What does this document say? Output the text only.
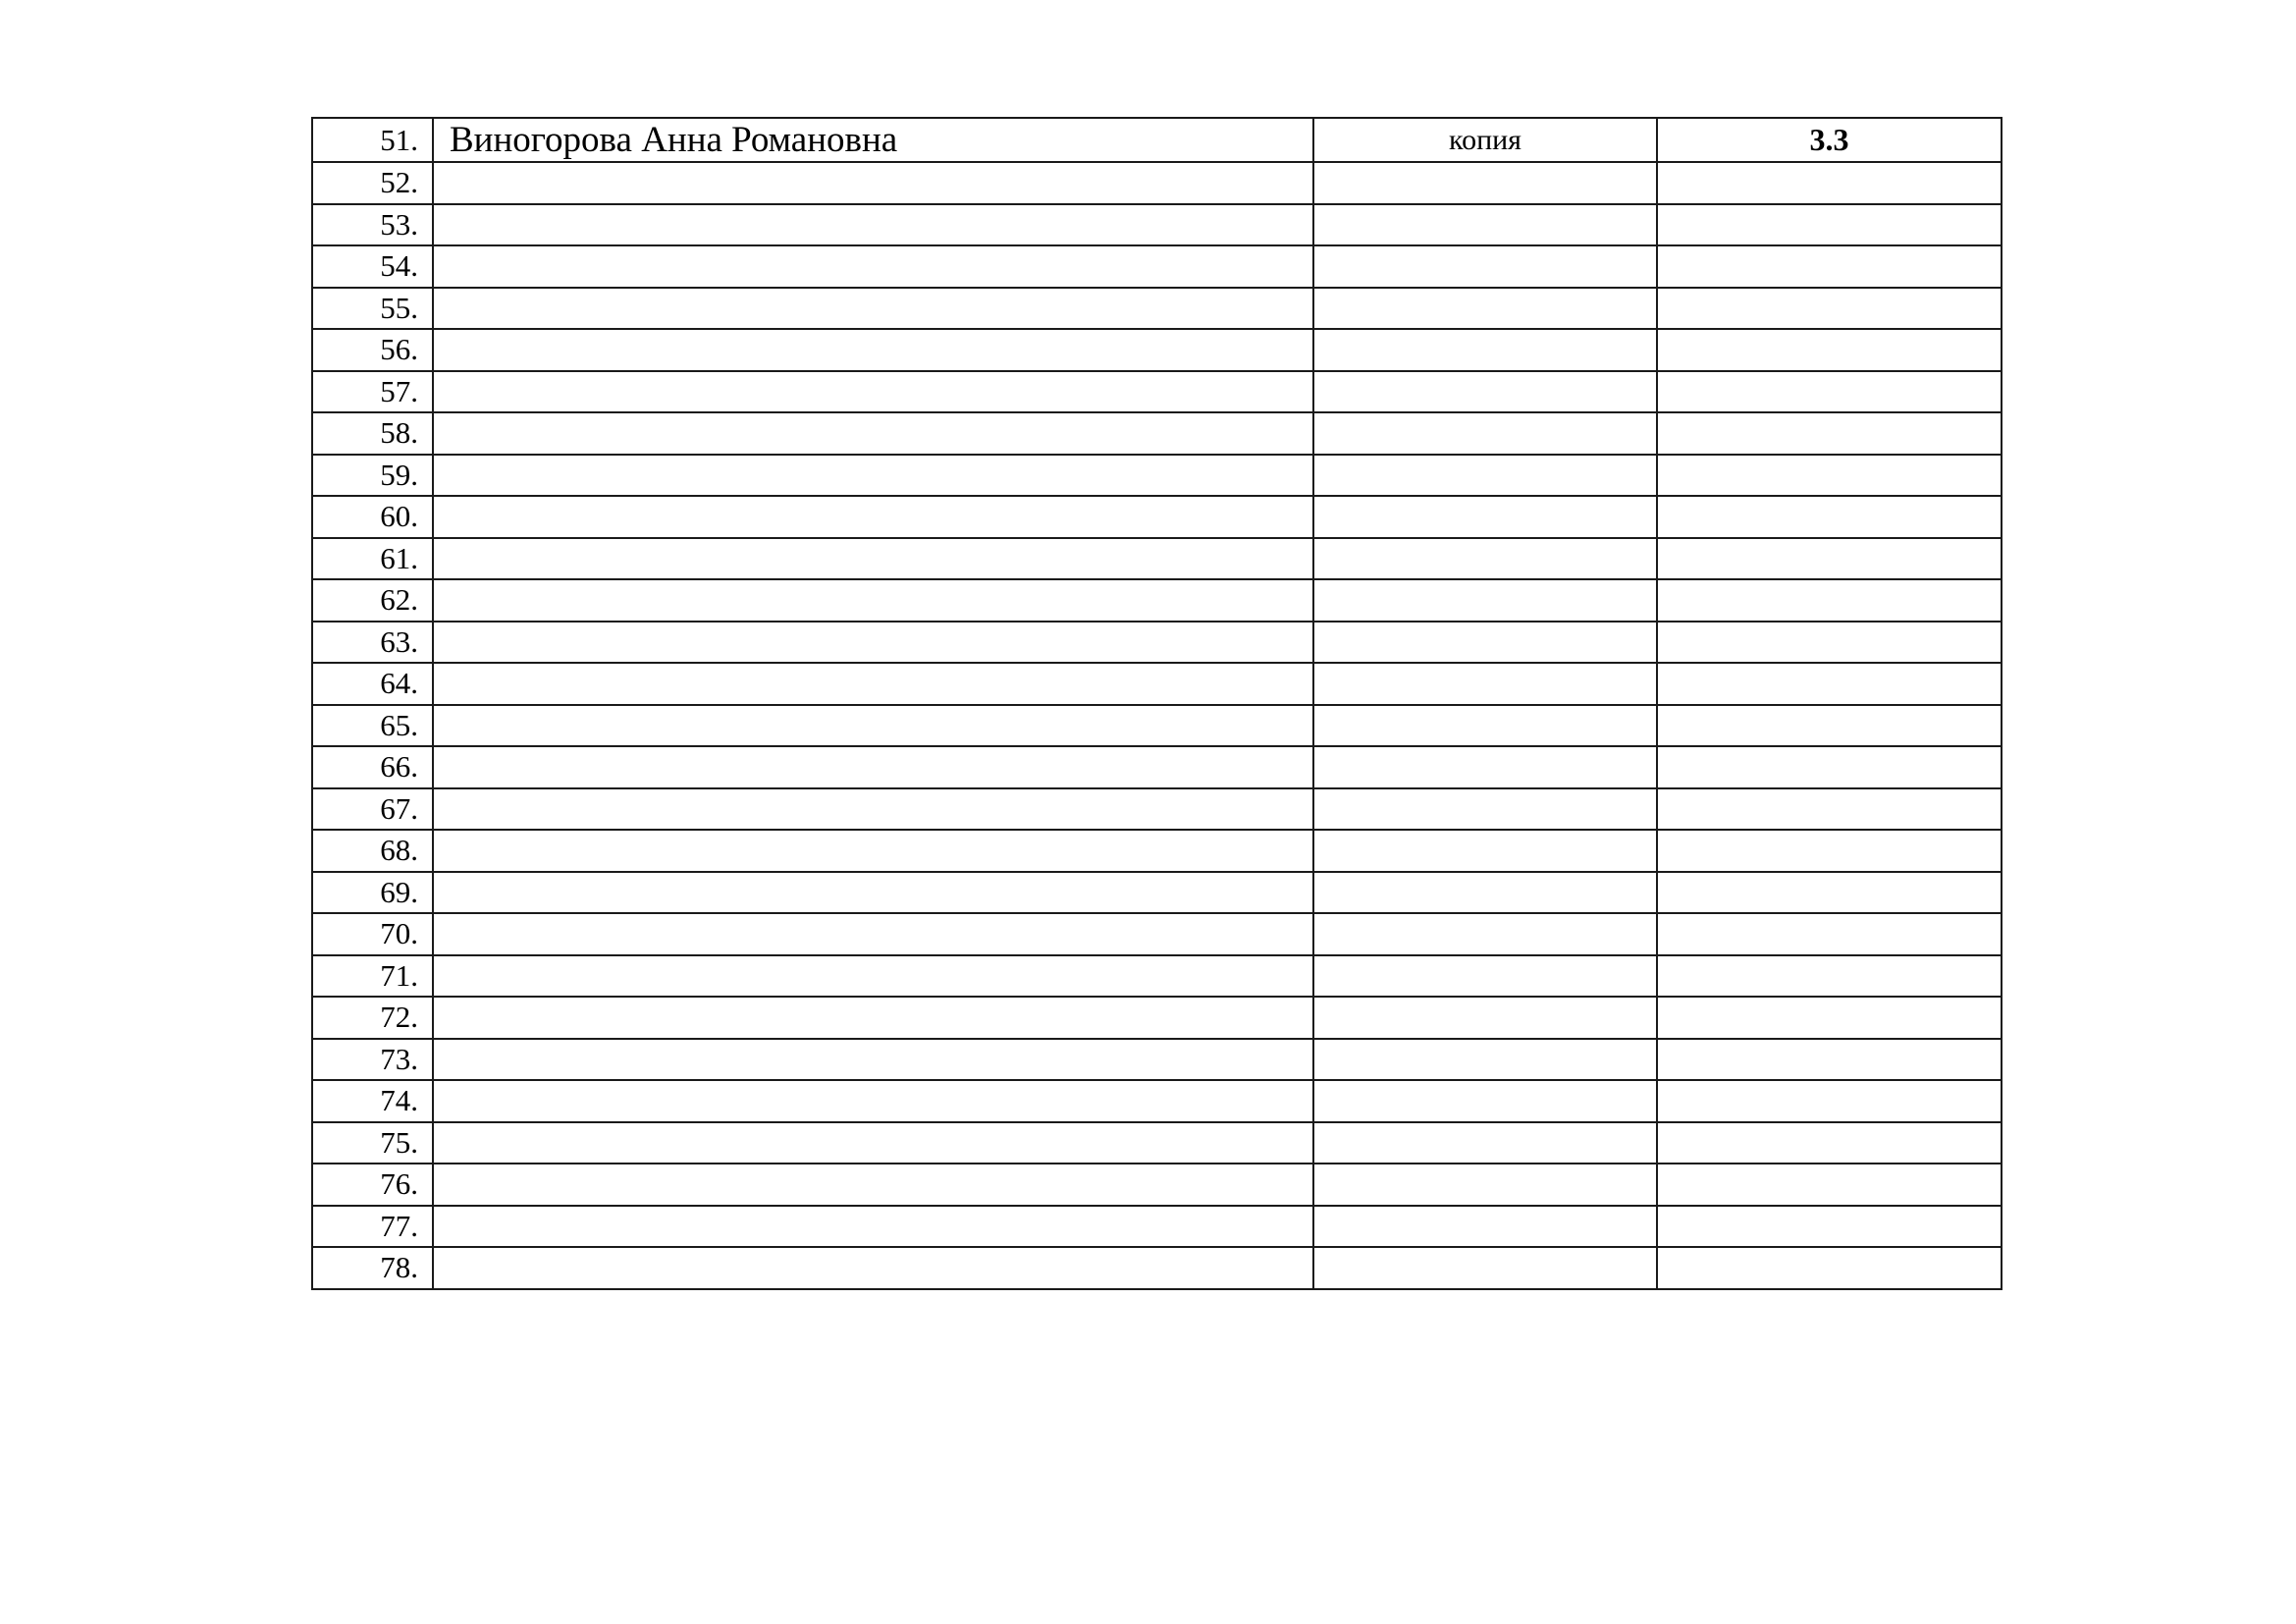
51.	Виногорова Анна Романовна	копия	3.3
52.			
53.			
54.			
55.			
56.			
57.			
58.			
59.			
60.			
61.			
62.			
63.			
64.			
65.			
66.			
67.			
68.			
69.			
70.			
71.			
72.			
73.			
74.			
75.			
76.			
77.			
78.			
